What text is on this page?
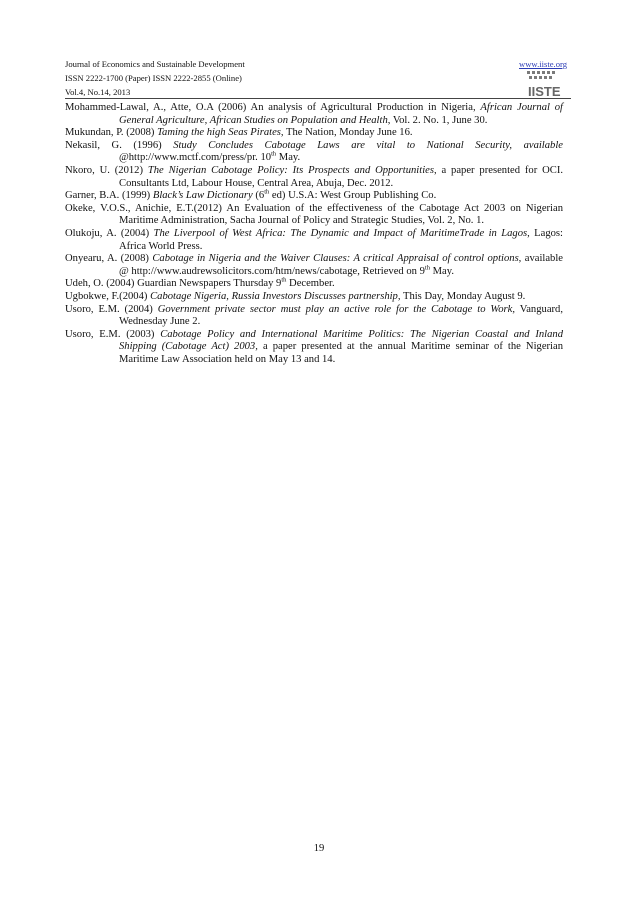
Journal of Economics and Sustainable Development
ISSN 2222-1700 (Paper) ISSN 2222-2855 (Online)
Vol.4, No.14, 2013
www.iiste.org
IISTE

Mohammed-Lawal, A., Atte, O.A (2006) An analysis of Agricultural Production in Nigeria, African Journal of General Agriculture, African Studies on Population and Health, Vol. 2. No. 1, June 30.

Mukundan, P. (2008) Taming the high Seas Pirates, The Nation, Monday June 16.

Nekasil, G. (1996) Study Concludes Cabotage Laws are vital to National Security, available @http://www.mctf.com/press/pr. 10th May.

Nkoro, U. (2012) The Nigerian Cabotage Policy: Its Prospects and Opportunities, a paper presented for OCI. Consultants Ltd, Labour House, Central Area, Abuja, Dec. 2012.

Garner, B.A. (1999) Black’s Law Dictionary (6th ed) U.S.A: West Group Publishing Co.

Okeke, V.O.S., Anichie, E.T.(2012) An Evaluation of the effectiveness of the Cabotage Act 2003 on Nigerian Maritime Administration, Sacha Journal of Policy and Strategic Studies, Vol. 2, No. 1.

Olukoju, A. (2004) The Liverpool of West Africa: The Dynamic and Impact of MaritimeTrade in Lagos, Lagos: Africa World Press.

Onyearu, A. (2008) Cabotage in Nigeria and the Waiver Clauses: A critical Appraisal of control options, available @ http://www.audrewsolicitors.com/htm/news/cabotage, Retrieved on 9th May.

Udeh, O. (2004) Guardian Newspapers Thursday 9th December.

Ugbokwe, F.(2004) Cabotage Nigeria, Russia Investors Discusses partnership, This Day, Monday August 9.

Usoro, E.M. (2004) Government private sector must play an active role for the Cabotage to Work, Vanguard, Wednesday June 2.

Usoro, E.M. (2003) Cabotage Policy and International Maritime Politics: The Nigerian Coastal and Inland Shipping (Cabotage Act) 2003, a paper presented at the annual Maritime seminar of the Nigerian Maritime Law Association held on May 13 and 14.

19
